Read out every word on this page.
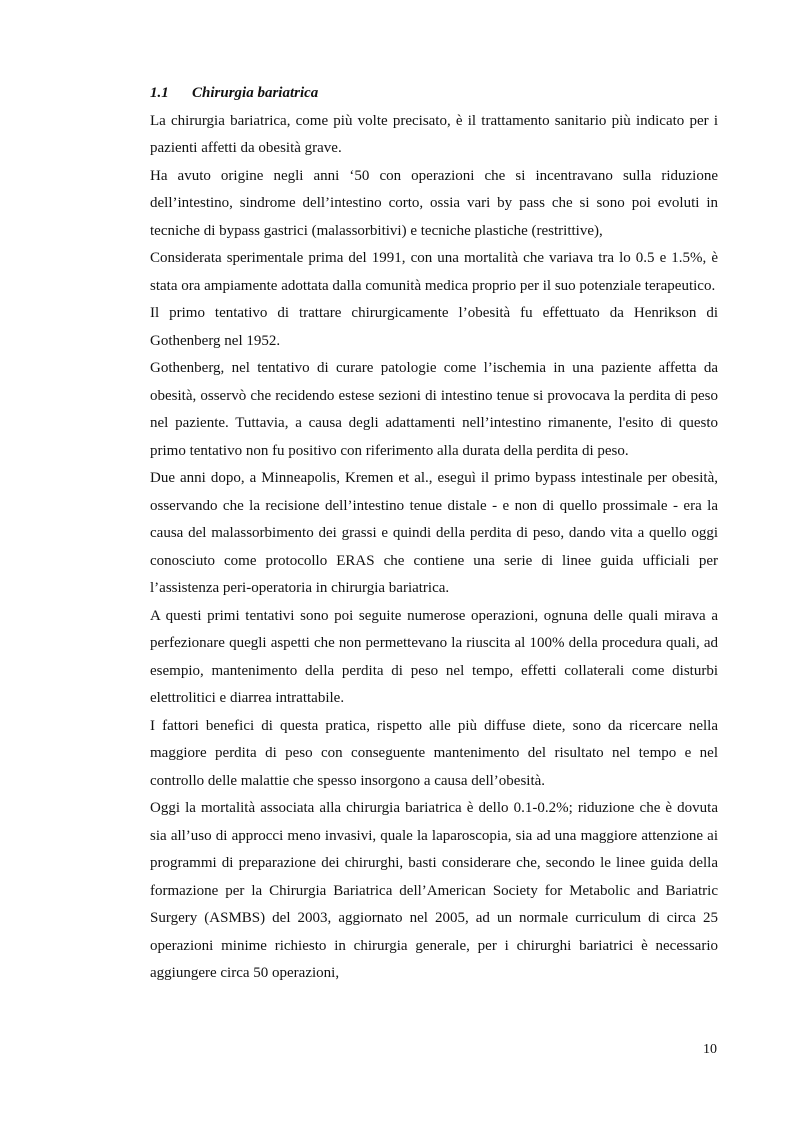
1.1 Chirurgia bariatrica

La chirurgia bariatrica, come più volte precisato, è il trattamento sanitario più indicato per i pazienti affetti da obesità grave.

Ha avuto origine negli anni ‘50 con operazioni che si incentravano sulla riduzione dell’intestino, sindrome dell’intestino corto, ossia vari by pass che si sono poi evoluti in tecniche di bypass gastrici (malassorbitivi) e tecniche plastiche (restrittive),

Considerata sperimentale prima del 1991, con una mortalità che variava tra lo 0.5 e 1.5%, è stata ora ampiamente adottata dalla comunità medica proprio per il suo potenziale terapeutico.

Il primo tentativo di trattare chirurgicamente l’obesità fu effettuato da Henrikson di Gothenberg nel 1952.

Gothenberg, nel tentativo di curare patologie come l’ischemia in una paziente affetta da obesità, osservò che recidendo estese sezioni di intestino tenue si provocava la perdita di peso nel paziente. Tuttavia, a causa degli adattamenti nell’intestino rimanente, l'esito di questo primo tentativo non fu positivo con riferimento alla durata della perdita di peso.

Due anni dopo, a Minneapolis, Kremen et al., eseguì il primo bypass intestinale per obesità, osservando che la recisione dell’intestino tenue distale - e non di quello prossimale - era la causa del malassorbimento dei grassi e quindi della perdita di peso, dando vita a quello oggi conosciuto come protocollo ERAS che contiene una serie di linee guida ufficiali per l’assistenza peri-operatoria in chirurgia bariatrica.

A questi primi tentativi sono poi seguite numerose operazioni, ognuna delle quali mirava a perfezionare quegli aspetti che non permettevano la riuscita al 100% della procedura quali, ad esempio, mantenimento della perdita di peso nel tempo, effetti collaterali come disturbi elettrolitici e diarrea intrattabile.

I fattori benefici di questa pratica, rispetto alle più diffuse diete, sono da ricercare nella maggiore perdita di peso con conseguente mantenimento del risultato nel tempo e nel controllo delle malattie che spesso insorgono a causa dell’obesità.

Oggi la mortalità associata alla chirurgia bariatrica è dello 0.1-0.2%; riduzione che è dovuta sia all’uso di approcci meno invasivi, quale la laparoscopia, sia ad una maggiore attenzione ai programmi di preparazione dei chirurghi, basti considerare che, secondo le linee guida della formazione per la Chirurgia Bariatrica dell’American Society for Metabolic and Bariatric Surgery (ASMBS) del 2003, aggiornato nel 2005, ad un normale curriculum di circa 25 operazioni minime richiesto in chirurgia generale, per i chirurghi bariatrici è necessario aggiungere circa 50 operazioni,

10
